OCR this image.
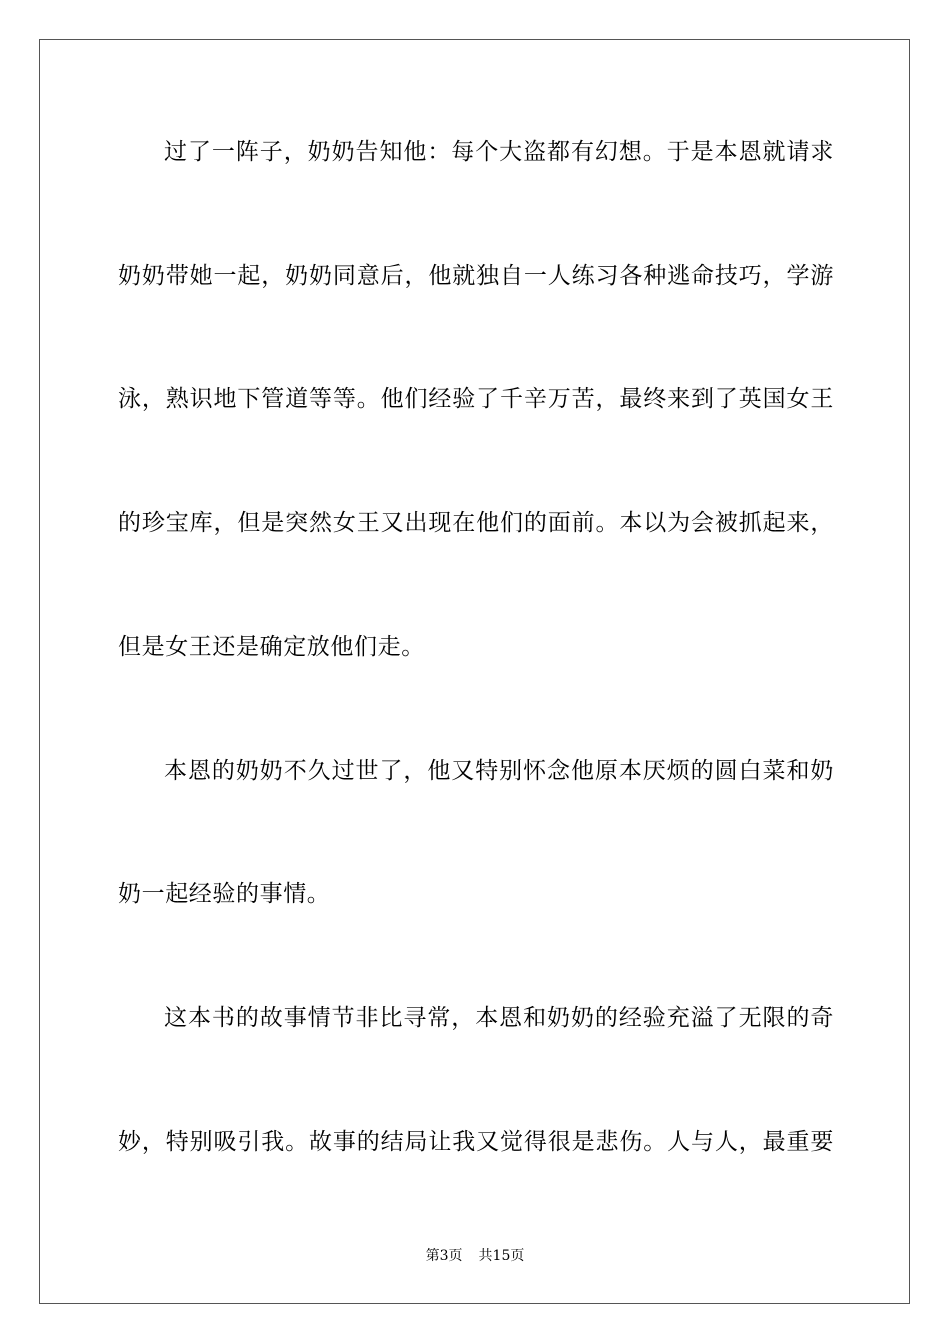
过了一阵子，奶奶告知他：每个大盗都有幻想。于是本恩就请求
奶奶带她一起，奶奶同意后，他就独自一人练习各种逃命技巧，学游
泳，熟识地下管道等等。他们经验了千辛万苦，最终来到了英国女王
的珍宝库，但是突然女王又出现在他们的面前。本以为会被抓起来，
但是女王还是确定放他们走。
本恩的奶奶不久过世了，他又特别怀念他原本厌烦的圆白菜和奶
奶一起经验的事情。
这本书的故事情节非比寻常，本恩和奶奶的经验充溢了无限的奇
妙，特别吸引我。故事的结局让我又觉得很是悲伤。人与人，最重要
第3页 共15页
